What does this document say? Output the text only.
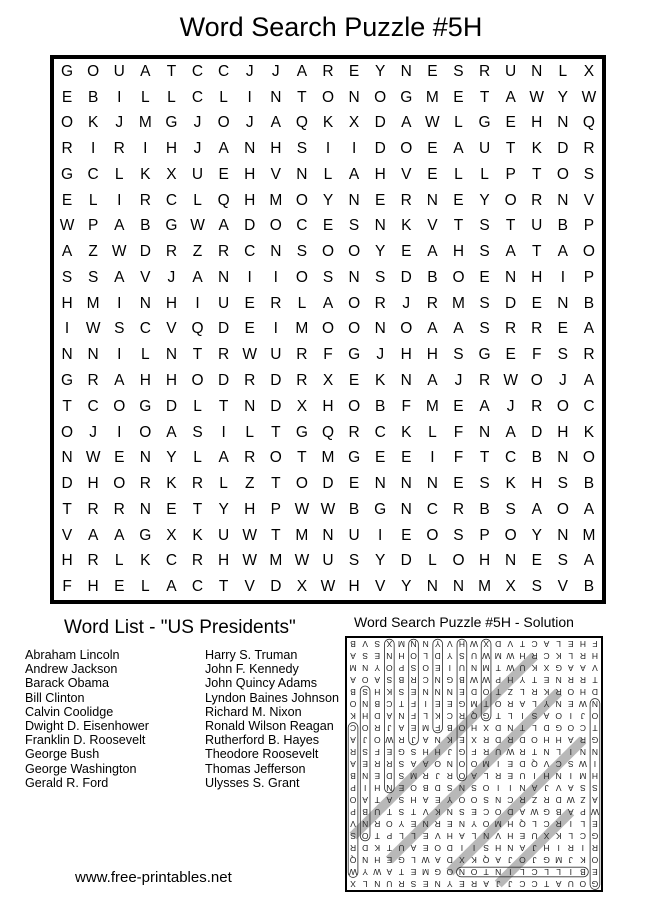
Word Search Puzzle #5H
G O U A	T	C C	J	J	A R E	Y N E	S R U N	L	X
E	B	I	L	L	C	L	I	N	T O N O G M E	T	A W Y W
O K	J	M G	J	O	J	A Q K	X D A W L	G E H N Q
R	I	R	I	H	J	A N H S	I	I	D O E	A U	T	K D R
G C	L	K	X U E H V N	L	A H V	E	L	L	P	T O S
E	L	I	R C	L	Q H M O Y N E R N E	Y O R N V
W P	A	B G W A D O C E	S N K	V	T	S	T	U B	P
A	Z W D R	Z	R C N S O O Y	E	A H S	A	T	A O
S	S	A	V	J	A N	I	I	O S N S D B O E N H	I	P
H M	I	N H	I	U E R	L	A O R	J	R M S D E N B
I	W S C V Q D E	I	M O O N O A	A	S R R E	A
N N	I	L	N	T	R W U R	F G	J	H H S G E	F	S R
G R A H H O D R D R X	E	K N A	J	R W O	J	A
T	C O G D	L	T	N D X H O B	F M E	A	J	R O C
O	J	I	O A	S	I	L	T G Q R C K	L	F	N A D H K
N W E N Y	L	A R O T M G E	E	I	F	T	C B N O
D H O R K R	L	Z	T O D E N N N E	S	K H S	B
T	R R N E	T	Y H P W W B G N C R B	S	A O A
V	A	A G X	K U W T M N U	I	E O S	P O Y N M
H R	L	K C R H W M W U S	Y D	L	O H N E	S	A
F	H E	L	A C	T	V D X W H V	Y N N M X	S	V	B
Word List - "US Presidents"
Abraham Lincoln
Andrew Jackson
Barack Obama
Bill Clinton
Calvin Coolidge
Dwight D. Eisenhower
Franklin D. Roosevelt
George Bush
George Washington
Gerald R. Ford
Harry S. Truman
John F. Kennedy
John Quincy Adams
Lyndon Baines Johnson
Richard M. Nixon
Ronald Wilson Reagan
Rutherford B. Hayes
Theodore Roosevelt
Thomas Jefferson
Ulysses S. Grant
Word Search Puzzle #5H - Solution
G
O
U
A
T
C
C
J
J
A
R
E
Y
N
E
S
R
U
N
L
X
E
B
I
L
L
C
L
I
N
T
O
N
O
G
M
E
T
A
W
Y
W
O
K
J
M
G
J
O
J
A
Q
K
X
D
A
W
L
G
E
H
N
Q
R
I
R
I
H
J
A
N
H
S
I
I
D
O
E
A
U
T
K
D
R
G
C
L
K
X
U
E
H
V
N
L
A
H
V
E
L
L
P
T
O
S
E
L
I
R
C
L
Q
H
M
O
Y
N
E
R
N
E
Y
O
R
N
V
W
P
A
B
G
W
A
D
O
C
E
S
N
K
V
T
S
T
U
B
P
A
Z
W
D
R
Z
R
C
N
S
O
O
Y
E
A
H
S
A
T
A
O
S
S
A
V
J
A
N
I
I
O
S
N
S
D
B
O
E
N
H
I
P
H
M
I
N
H
I
U
E
R
L
A
O
R
J
R
M
S
D
E
N
B
I
W
S
C
V
Q
D
E
I
M
O
O
N
O
A
A
S
R
R
E
A
N
N
I
L
N
T
R
W
U
R
F
G
J
H
H
S
G
E
F
S
R
G
R
A
H
H
O
D
R
D
R
X
E
K
N
A
J
R
W
O
J
A
T
C
O
G
D
L
T
N
D
X
H
O
B
F
M
E
A
J
R
O
C
O
J
I
O
A
S
I
L
T
G
Q
R
C
K
L
F
N
A
D
H
K
N
W
E
N
Y
L
A
R
O
T
M
G
E
E
I
F
T
C
B
N
O
D
H
O
R
K
R
L
Z
T
O
D
E
N
N
N
E
S
K
H
S
B
T
R
R
N
E
T
Y
H
P
W
W
B
G
N
C
R
B
S
A
O
A
V
A
A
G
X
K
U
W
T
M
N
U
I
E
O
S
P
O
Y
N
M
H
R
L
K
C
R
H
W
M
W
U
S
Y
D
L
O
H
N
E
S
A
F
H
E
L
A
C
T
V
D
X
W
H
V
Y
N
N
M
X
S
V
B
www.free-printables.net
